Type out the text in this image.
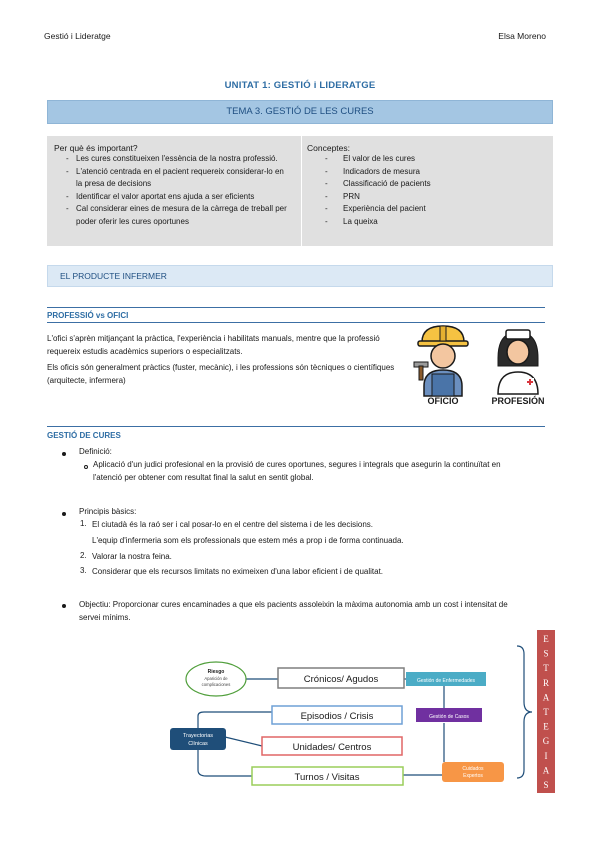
Gestió i Lideratge	Elsa Moreno
UNITAT 1: GESTIÓ i LIDERATGE
TEMA 3. GESTIÓ DE LES CURES
Per què és important?
- Les cures constitueixen l'essència de la nostra professió.
- L'atenció centrada en el pacient requereix considerar-lo en la presa de decisions
- Identificar el valor aportat ens ajuda a ser eficients
- Cal considerar eines de mesura de la càrrega de treball per poder oferir les cures oportunes
Conceptes:
- El valor de les cures
- Indicadors de mesura
- Classificació de pacients
- PRN
- Experiència del pacient
- La queixa
EL PRODUCTE INFERMER
PROFESSIÓ vs OFICI
L'ofici s'aprèn mitjançant la pràctica, l'experiència i habilitats manuals, mentre que la professió requereix estudis acadèmics superiors o especialitzats.
Els oficis són generalment pràctics (fuster, mecànic), i les professions són tècniques o científiques (arquitecte, infermera)
OFICIO	PROFESIÓN
GESTIÓ DE CURES
Definició:
Aplicació d'un judici profesional en la provisió de cures oportunes, segures i integrals que asegurin la continuïtat en l'atenció per obtener com resultat final la salut en sentit global.
Principis bàsics:
1. El ciutadà és la raó ser i cal posar-lo en el centre del sistema i de les decisions.
L'equip d'infermeria som els professionals que estem més a prop i de forma continuada.
2. Valorar la nostra feina.
3. Considerar que els recursos limitats no eximeixen d'una labor eficient i de qualitat.
Objectiu: Proporcionar cures encaminades a que els pacients assoleixin la màxima autonomia amb un cost i intensitat de servei mínims.
Riesgo
Aparición de
complicaciones	Crónicos/ Agudos
Episodios / Crisis
Unidades/ Centros
Turnos / Visitas
Trayectorias
Clínicas
Gestión de Enfermedades
Gestión de Casos
Cuidados
Expertos
E
S
T
R
A
T
E
G
I
A
S
